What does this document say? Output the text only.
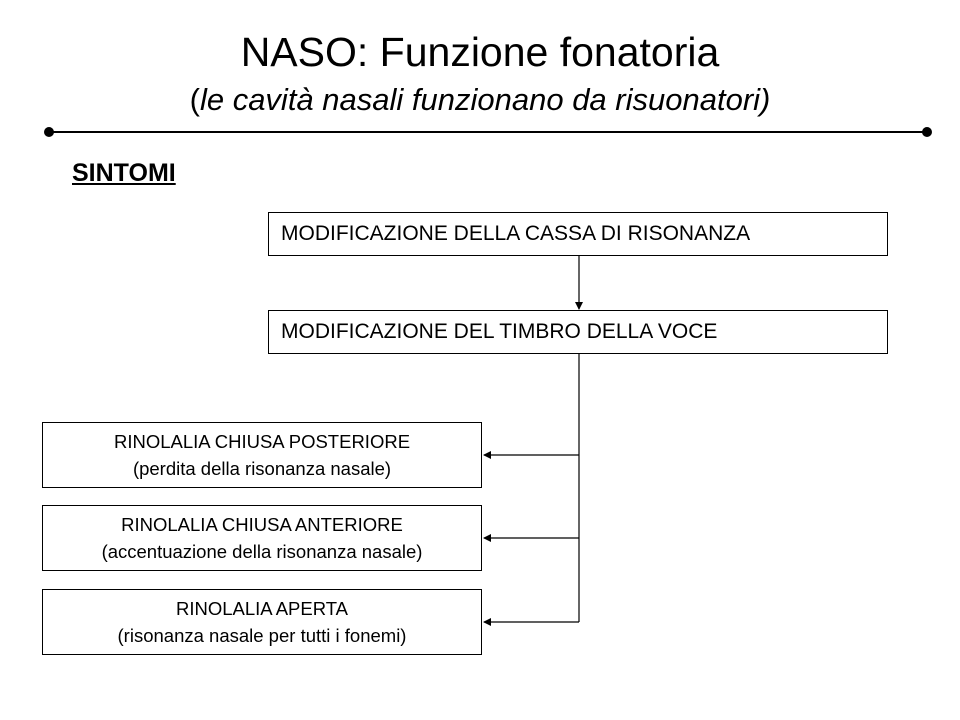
NASO: Funzione fonatoria
(le cavità nasali funzionano da risuonatori)
SINTOMI
MODIFICAZIONE DELLA CASSA DI RISONANZA
MODIFICAZIONE DEL TIMBRO DELLA VOCE
RINOLALIA CHIUSA POSTERIORE
(perdita della risonanza nasale)
RINOLALIA CHIUSA ANTERIORE
(accentuazione della risonanza nasale)
RINOLALIA APERTA
(risonanza nasale per tutti i fonemi)
